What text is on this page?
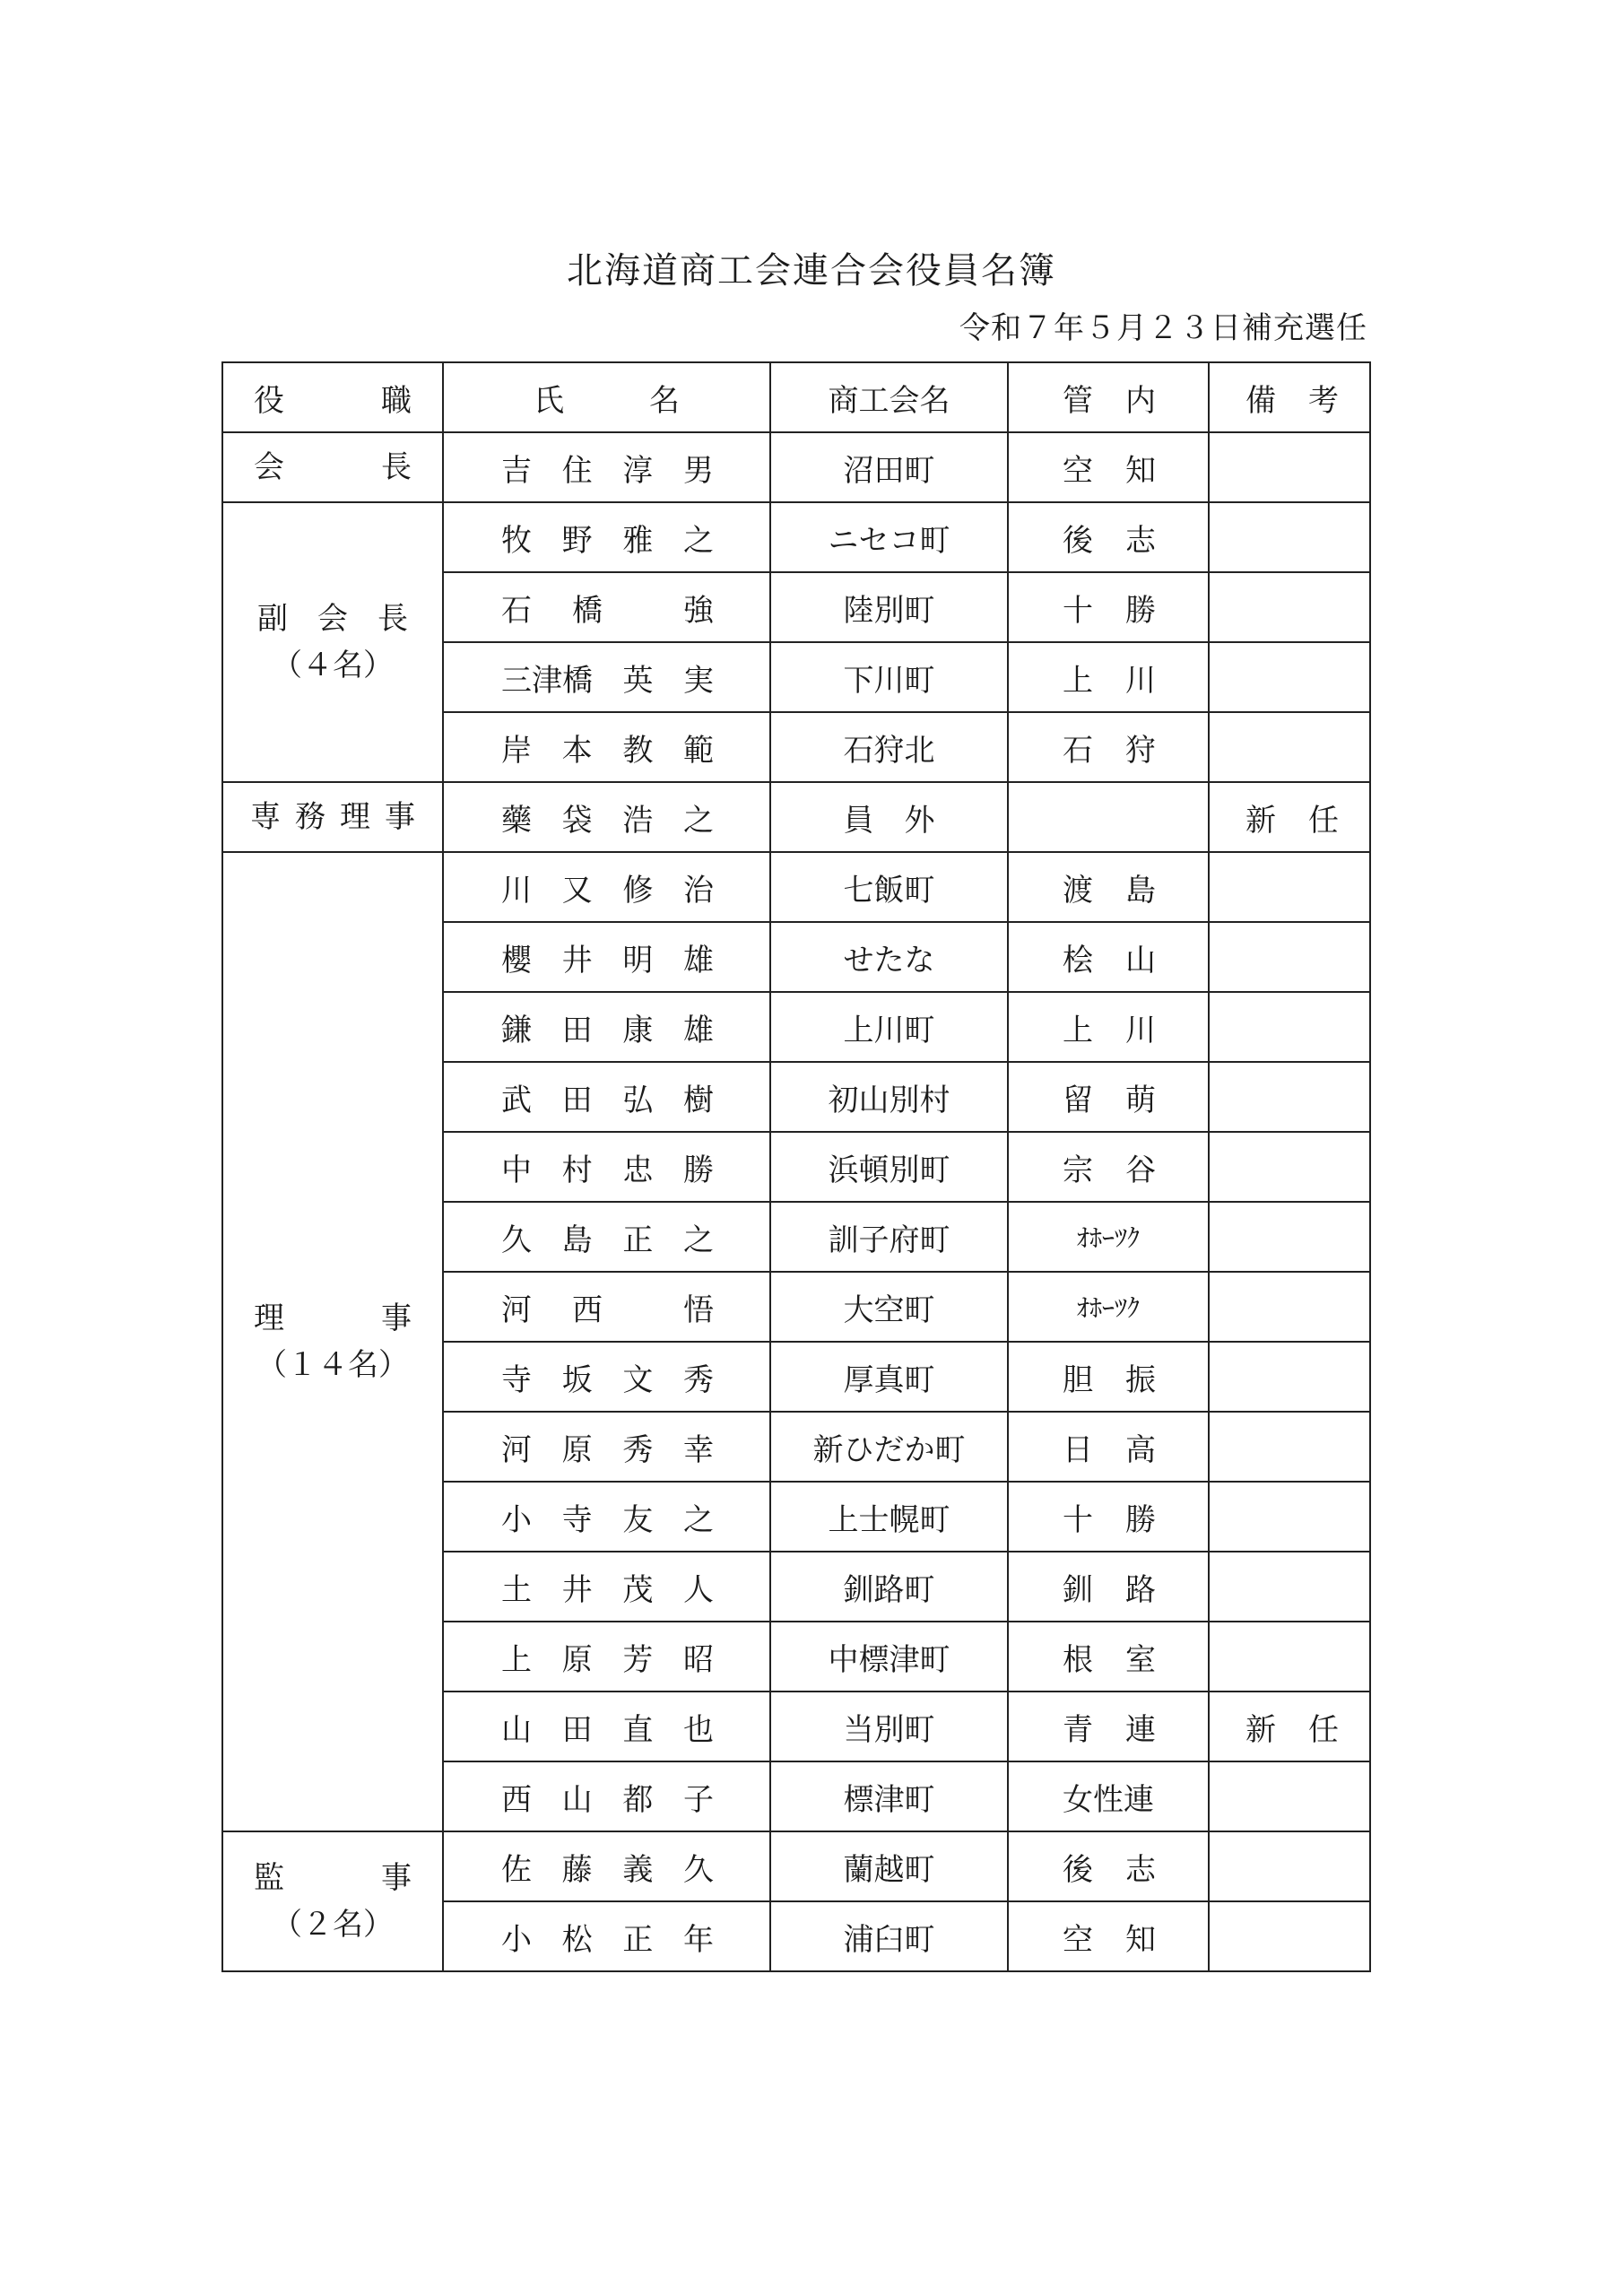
北海道商工会連合会役員名簿
令和７年５月２３日補充選任
役 職	氏 名	商工会名	管 内	備 考

会 長	吉 住 淳 男	沼田町	空 知	

副 会 長
（４名）	牧 野 雅 之	ニセコ町	後 志	

	石 橋 強	陸別町	十 勝	

	三津橋 英 実	下川町	上 川	

	岸 本 教 範	石狩北	石 狩	

専 務 理 事	藥 袋 浩 之	員　外		新 任

理 事
（１４名）	川 又 修 治	七飯町	渡 島	

	櫻 井 明 雄	せたな	桧 山	

	鎌 田 康 雄	上川町	上 川	

	武 田 弘 樹	初山別村	留 萌	

	中 村 忠 勝	浜頓別町	宗 谷	

	久 島 正 之	訓子府町	ｵﾎｰﾂｸ	

	河 西 悟	大空町	ｵﾎｰﾂｸ	

	寺 坂 文 秀	厚真町	胆 振	

	河 原 秀 幸	新ひだか町	日 高	

	小 寺 友 之	上士幌町	十 勝	

	土 井 茂 人	釧路町	釧 路	

	上 原 芳 昭	中標津町	根 室	

	山 田 直 也	当別町	青 連	新 任

	西 山 都 子	標津町	女性連	

監 事
（２名）	佐 藤 義 久	蘭越町	後 志	

	小 松 正 年	浦臼町	空 知	
